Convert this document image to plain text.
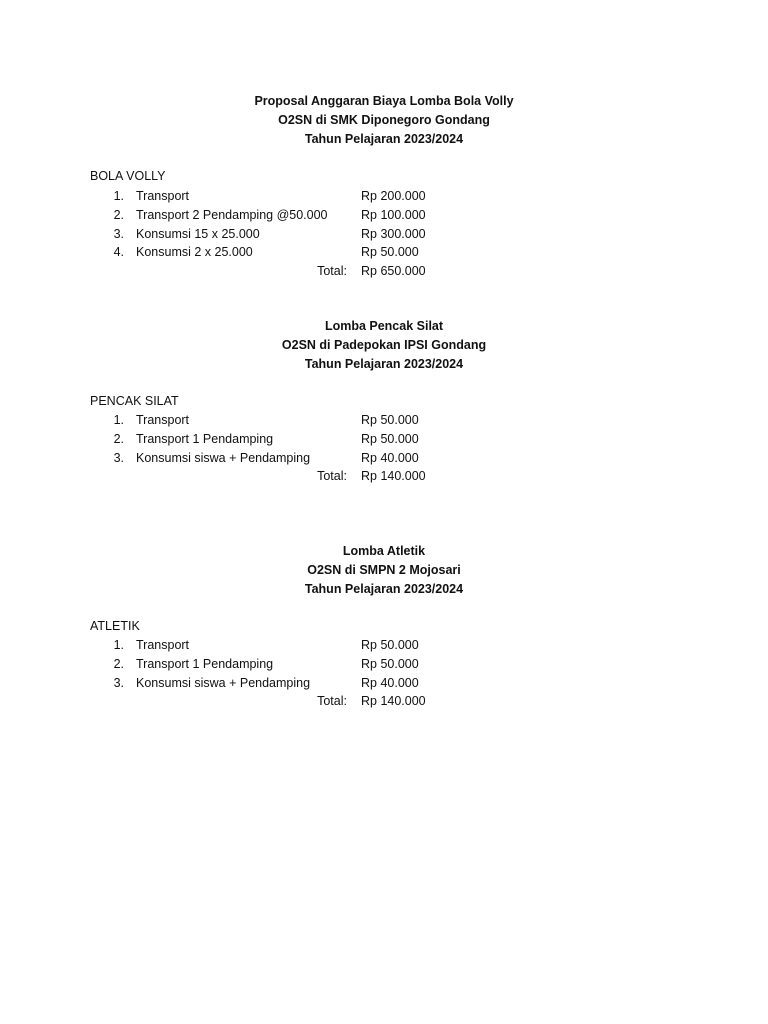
Proposal Anggaran Biaya Lomba Bola Volly
O2SN di SMK Diponegoro Gondang
Tahun Pelajaran 2023/2024
BOLA VOLLY
1. Transport	Rp 200.000
2. Transport 2 Pendamping @50.000	Rp 100.000
3. Konsumsi 15 x 25.000	Rp 300.000
4. Konsumsi 2 x 25.000	Rp 50.000
Total: Rp 650.000
Lomba Pencak Silat
O2SN di Padepokan IPSI Gondang
Tahun Pelajaran 2023/2024
PENCAK SILAT
1. Transport	Rp 50.000
2. Transport 1 Pendamping	Rp 50.000
3. Konsumsi siswa + Pendamping	Rp 40.000
Total: Rp 140.000
Lomba Atletik
O2SN di SMPN 2 Mojosari
Tahun Pelajaran 2023/2024
ATLETIK
1. Transport	Rp 50.000
2. Transport 1 Pendamping	Rp 50.000
3. Konsumsi siswa + Pendamping	Rp 40.000
Total: Rp 140.000
